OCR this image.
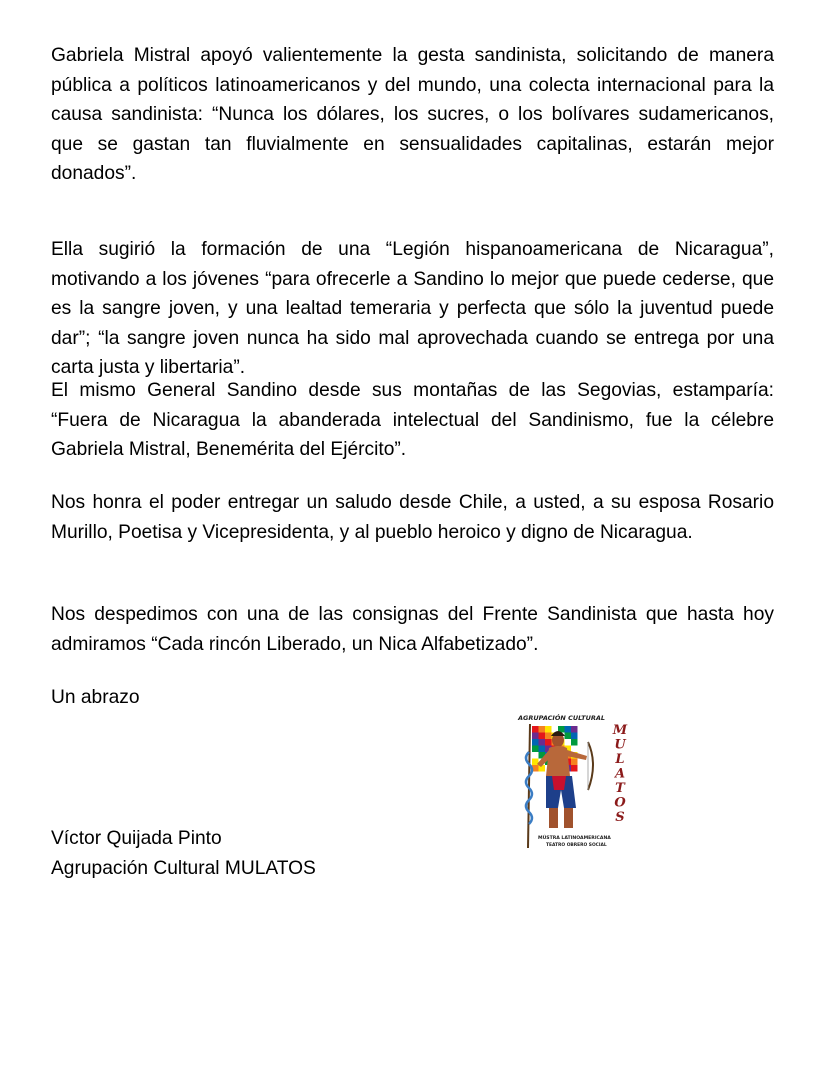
Gabriela Mistral apoyó valientemente la gesta sandinista, solicitando de manera pública a políticos latinoamericanos y del mundo, una colecta internacional para la causa sandinista: “Nunca los dólares, los sucres, o los bolívares sudamericanos, que se gastan tan fluvialmente en sensualidades capitalinas, estarán mejor donados”.

Ella sugirió la formación de una “Legión hispanoamericana de Nicaragua”, motivando a los jóvenes “para ofrecerle a Sandino lo mejor que puede cederse, que es la sangre joven, y una lealtad temeraria y perfecta que sólo la juventud puede dar”; “la sangre joven nunca ha sido mal aprovechada cuando se entrega por una carta justa y libertaria”.

El mismo General Sandino desde sus montañas de las Segovias, estamparía: “Fuera de Nicaragua la abanderada intelectual del Sandinismo, fue la célebre Gabriela Mistral, Benemérita del Ejército”.

Nos honra el poder entregar un saludo desde Chile, a usted, a su esposa Rosario Murillo, Poetisa y Vicepresidenta, y al pueblo heroico y digno de Nicaragua.

Nos despedimos con una de las consignas del Frente Sandinista que hasta hoy admiramos “Cada rincón Liberado, un Nica Alfabetizado”.

Un abrazo

Víctor Quijada Pinto
Agrupación Cultural MULATOS
AGRUPACIÓN CULTURAL
M
U
L
A
T
O
S
MÚSTRA LATINOAMERICANA
TEATRO OBRERO SOCIAL
